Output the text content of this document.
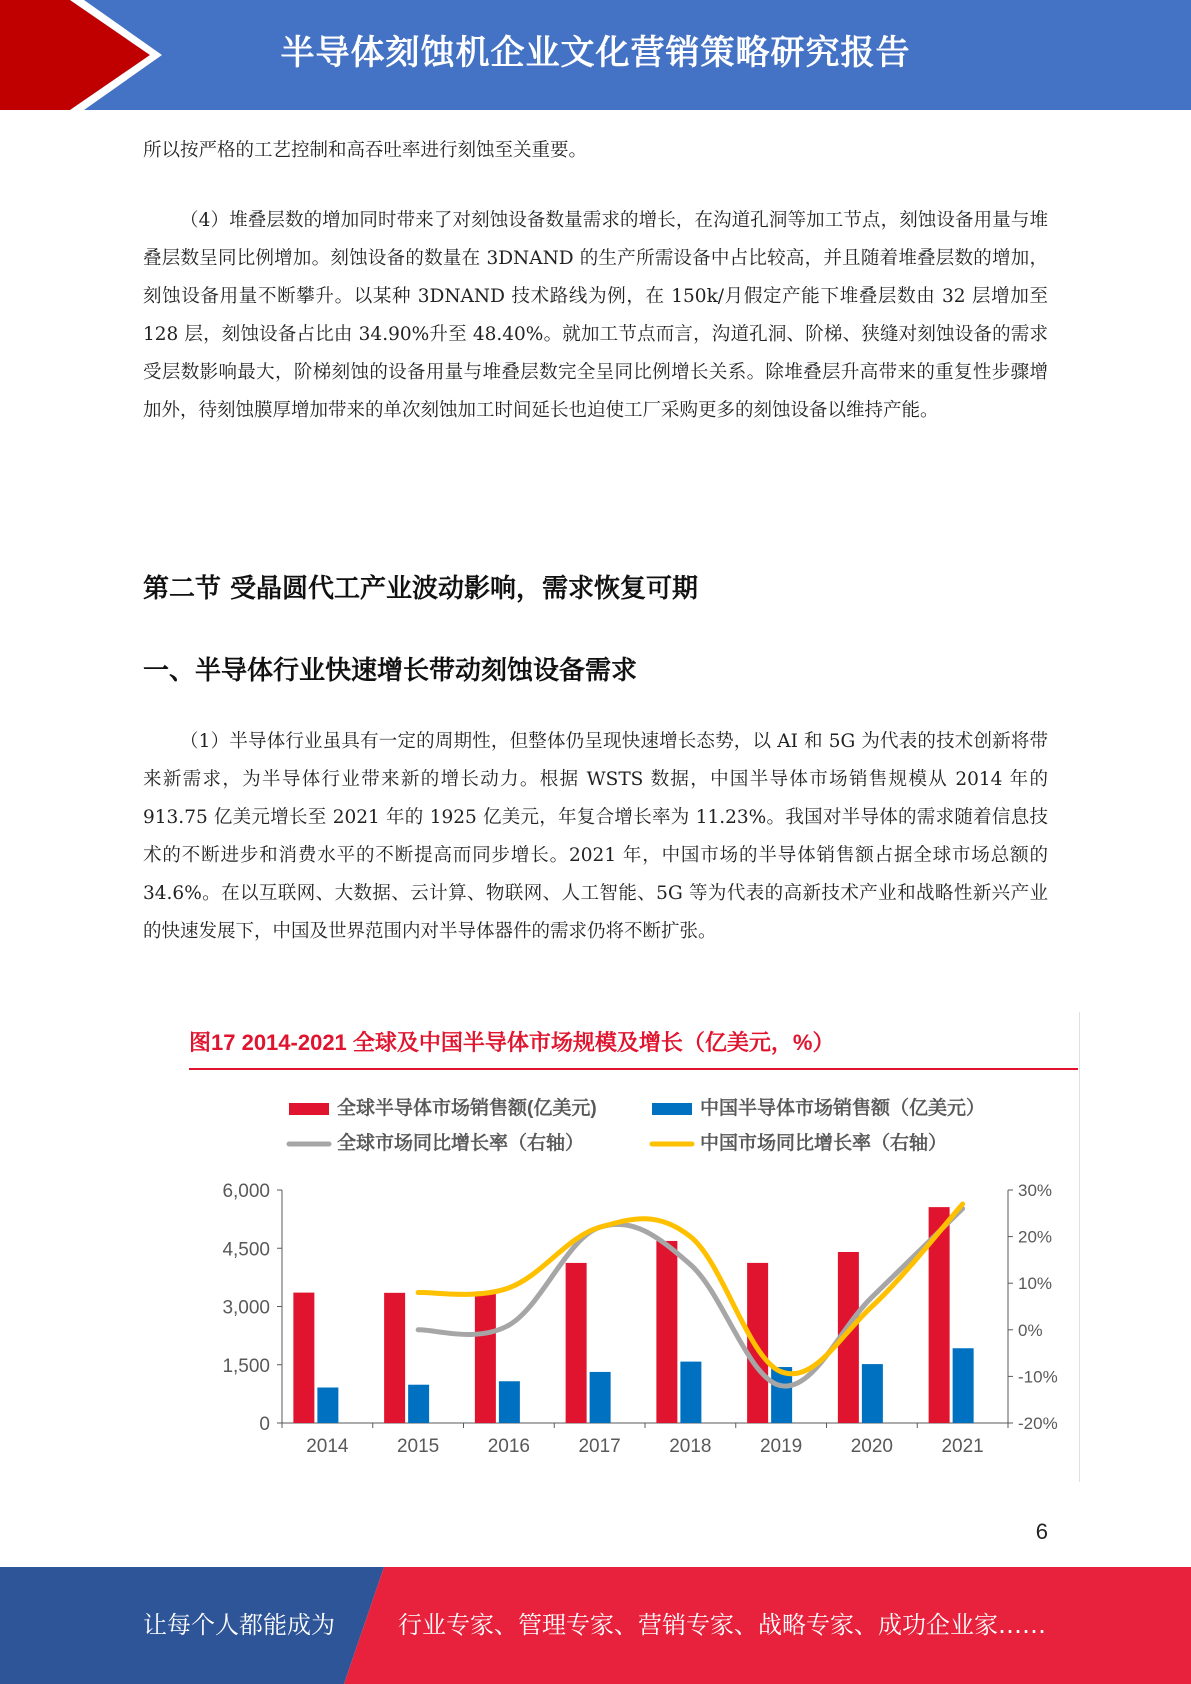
半导体刻蚀机企业文化营销策略研究报告

所以按严格的工艺控制和高吞吐率进行刻蚀至关重要。

（4）堆叠层数的增加同时带来了对刻蚀设备数量需求的增长，在沟道孔洞等加工节点，刻蚀设备用量与堆叠层数呈同比例增加。刻蚀设备的数量在 3DNAND 的生产所需设备中占比较高，并且随着堆叠层数的增加，刻蚀设备用量不断攀升。以某种 3DNAND 技术路线为例，在 150k/月假定产能下堆叠层数由 32 层增加至 128 层，刻蚀设备占比由 34.90%升至 48.40%。就加工节点而言，沟道孔洞、阶梯、狭缝对刻蚀设备的需求受层数影响最大，阶梯刻蚀的设备用量与堆叠层数完全呈同比例增长关系。除堆叠层升高带来的重复性步骤增加外，待刻蚀膜厚增加带来的单次刻蚀加工时间延长也迫使工厂采购更多的刻蚀设备以维持产能。

第二节 受晶圆代工产业波动影响，需求恢复可期
一、半导体行业快速增长带动刻蚀设备需求

（1）半导体行业虽具有一定的周期性，但整体仍呈现快速增长态势，以 AI 和 5G 为代表的技术创新将带来新需求，为半导体行业带来新的增长动力。根据 WSTS 数据，中国半导体市场销售规模从 2014 年的 913.75 亿美元增长至 2021 年的 1925 亿美元，年复合增长率为 11.23%。我国对半导体的需求随着信息技术的不断进步和消费水平的不断提高而同步增长。2021 年，中国市场的半导体销售额占据全球市场总额的 34.6%。在以互联网、大数据、云计算、物联网、人工智能、5G 等为代表的高新技术产业和战略性新兴产业的快速发展下，中国及世界范围内对半导体器件的需求仍将不断扩张。

图17 2014-2021 全球及中国半导体市场规模及增长（亿美元，%）
全球半导体市场销售额(亿美元)	中国半导体市场销售额（亿美元）
全球市场同比增长率（右轴）	中国市场同比增长率（右轴）
0
1,500
3,000
4,500
6,000
-20%
-10%
0%
10%
20%
30%
2014	2015	2016	2017	2018	2019	2020	2021
6
让每个人都能成为	行业专家、管理专家、营销专家、战略专家、成功企业家……
